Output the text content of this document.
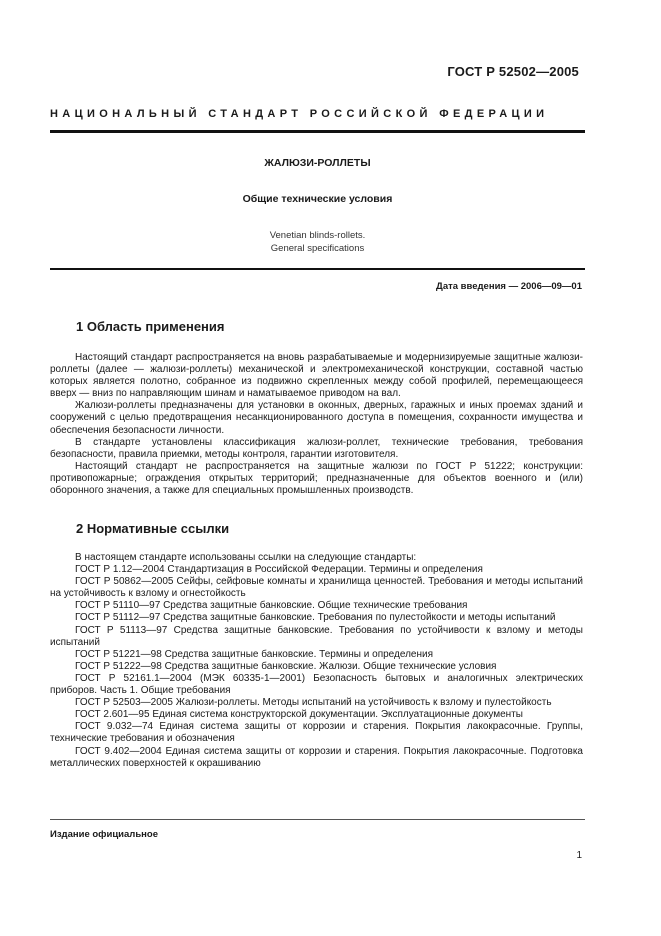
ГОСТ Р 52502—2005
НАЦИОНАЛЬНЫЙ СТАНДАРТ РОССИЙСКОЙ ФЕДЕРАЦИИ
ЖАЛЮЗИ-РОЛЛЕТЫ
Общие технические условия
Venetian blinds-rollets.
General specifications
Дата введения — 2006—09—01
1 Область применения

Настоящий стандарт распространяется на вновь разрабатываемые и модернизируемые защитные жалюзи-роллеты (далее — жалюзи-роллеты) механической и электромеханической конструкции, составной частью которых является полотно, собранное из подвижно скрепленных между собой профилей, перемещающееся вверх — вниз по направляющим шинам и наматываемое приводом на вал.

Жалюзи-роллеты предназначены для установки в оконных, дверных, гаражных и иных проемах зданий и сооружений с целью предотвращения несанкционированного доступа в помещения, сохранности имущества и обеспечения безопасности личности.

В стандарте установлены классификация жалюзи-роллет, технические требования, требования безопасности, правила приемки, методы контроля, гарантии изготовителя.

Настоящий стандарт не распространяется на защитные жалюзи по ГОСТ Р 51222; конструкции: противопожарные; ограждения открытых территорий; предназначенные для объектов военного и (или) оборонного значения, а также для специальных промышленных производств.

2 Нормативные ссылки

В настоящем стандарте использованы ссылки на следующие стандарты:

ГОСТ Р 1.12—2004 Стандартизация в Российской Федерации. Термины и определения

ГОСТ Р 50862—2005 Сейфы, сейфовые комнаты и хранилища ценностей. Требования и методы испытаний на устойчивость к взлому и огнестойкость

ГОСТ Р 51110—97 Средства защитные банковские. Общие технические требования

ГОСТ Р 51112—97 Средства защитные банковские. Требования по пулестойкости и методы испытаний

ГОСТ Р 51113—97 Средства защитные банковские. Требования по устойчивости к взлому и методы испытаний

ГОСТ Р 51221—98 Средства защитные банковские. Термины и определения

ГОСТ Р 51222—98 Средства защитные банковские. Жалюзи. Общие технические условия

ГОСТ Р 52161.1—2004 (МЭК 60335-1—2001) Безопасность бытовых и аналогичных электрических приборов. Часть 1. Общие требования

ГОСТ Р 52503—2005 Жалюзи-роллеты. Методы испытаний на устойчивость к взлому и пулестойкость

ГОСТ 2.601—95 Единая система конструкторской документации. Эксплуатационные документы

ГОСТ 9.032—74 Единая система защиты от коррозии и старения. Покрытия лакокрасочные. Группы, технические требования и обозначения

ГОСТ 9.402—2004 Единая система защиты от коррозии и старения. Покрытия лакокрасочные. Подготовка металлических поверхностей к окрашиванию

Издание официальное
1
